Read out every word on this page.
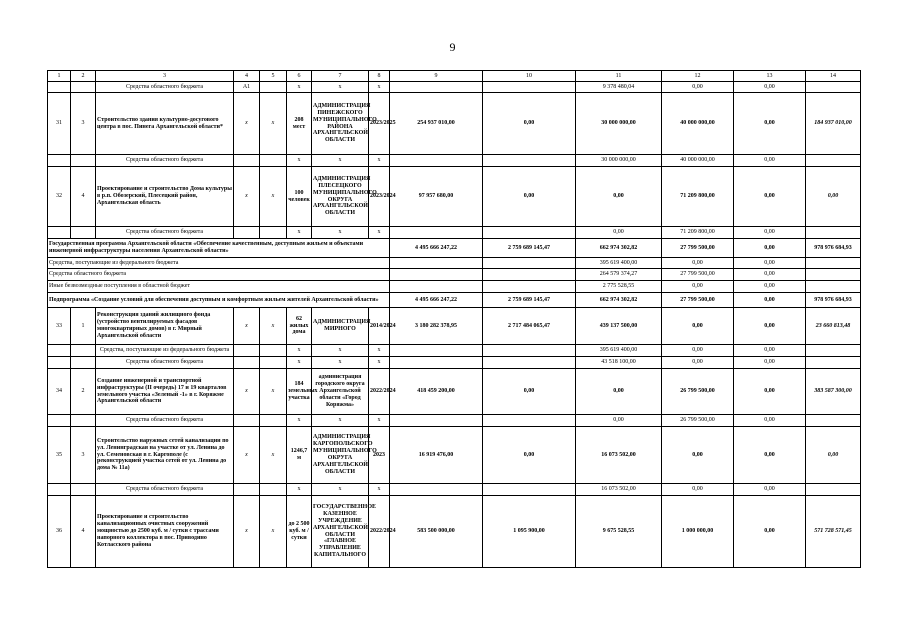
9
1	2	3	4	5	6	7	8	9	10	11	12	13	14
		Средства областного бюджета	А1		х	х	х			9 378 480,04	0,00	0,00	
31	3	Строительство здания культурно-досугового центра в пос. Пинега Архангельской области*	х	х	208 мест	АДМИНИСТРАЦИЯ ПИНЕЖСКОГО МУНИЦИПАЛЬНОГО РАЙОНА АРХАНГЕЛЬСКОЙ ОБЛАСТИ	2023/2025	254 937 010,00	0,00	30 000 000,00	40 000 000,00	0,00	184 937 010,00
		Средства областного бюджета			х	х	х			30 000 000,00	40 000 000,00	0,00	
32	4	Проектирование и строительство Дома культуры в р.п. Обозерский, Плесецкий район, Архангельская область	х	х	100 человек	АДМИНИСТРАЦИЯ ПЛЕСЕЦКОГО МУНИЦИПАЛЬНОГО ОКРУГА АРХАНГЕЛЬСКОЙ ОБЛАСТИ	2023/2024	97 957 680,00	0,00	0,00	71 209 800,00	0,00	0,00
		Средства областного бюджета			х	х	х			0,00	71 209 800,00	0,00	
Государственная программа Архангельской области «Обеспечение качественным, доступным жильем и объектами инженерной инфраструктуры населения Архангельской области»								4 495 666 247,22	2 759 689 145,47	662 974 302,82	27 799 500,00	0,00	978 976 684,93
Средства, поступающие из федерального бюджета										395 619 400,00	0,00	0,00	
Средства областного бюджета										264 579 374,27	27 799 500,00	0,00	
Иные безвозмездные поступления в областной бюджет										2 775 528,55	0,00	0,00	
Подпрограмма «Создание условий для обеспечения доступным и комфортным жильем жителей Архангельской области»								4 495 666 247,22	2 759 689 145,47	662 974 302,82	27 799 500,00	0,00	978 976 684,93
33	1	Реконструкция зданий жилищного фонда (устройство вентилируемых фасадов многоквартирных домов) в г. Мирный Архангельской области	х	х	62 жилых дома	АДМИНИСТРАЦИЯ МИРНОГО	2014/2024	3 180 282 378,95	2 717 484 065,47	439 137 500,00	0,00	0,00	23 660 813,48
		Средства, поступающие из федерального бюджета			х	х	х			395 619 400,00	0,00	0,00	
		Средства областного бюджета			х	х	х			43 518 100,00	0,00	0,00	
34	2	Создание инженерной и транспортной инфраструктуры (II очередь) 17 и 19 кварталов земельного участка «Зеленый -1» в г. Коряжме Архангельской области	х	х	184 земельных участка	администрация городского округа Архангельской области «Город Коряжма»	2022/2024	418 459 200,00	0,00	0,00	26 799 500,00	0,00	383 587 300,00
		Средства областного бюджета			х	х	х			0,00	26 799 500,00	0,00	
35	3	Строительство наружных сетей канализации по ул. Ленинградская на участке от ул. Ленина до ул. Семеновская в г. Каргополе (с реконструкцией участка сетей от ул. Ленина до дома № 11а)	х	х	1246,7 м	АДМИНИСТРАЦИЯ КАРГОПОЛЬСКОГО МУНИЦИПАЛЬНОГО ОКРУГА АРХАНГЕЛЬСКОЙ ОБЛАСТИ	2023	16 919 476,00	0,00	16 073 502,00	0,00	0,00	0,00
		Средства областного бюджета			х	х	х			16 073 502,00	0,00	0,00	
36	4	Проектирование и строительство канализационных очистных сооружений мощностью до 2500 куб. м / сутки с трассами напорного коллектора в пос. Приводино Котласского района	х	х	до 2 500 куб. м / сутки	ГОСУДАРСТВЕННОЕ КАЗЕННОЕ УЧРЕЖДЕНИЕ АРХАНГЕЛЬСКОЙ ОБЛАСТИ «ГЛАВНОЕ УПРАВЛЕНИЕ КАПИТАЛЬНОГО	2022/2024	583 500 000,00	1 095 900,00	9 675 528,55	1 000 000,00	0,00	571 728 571,45
